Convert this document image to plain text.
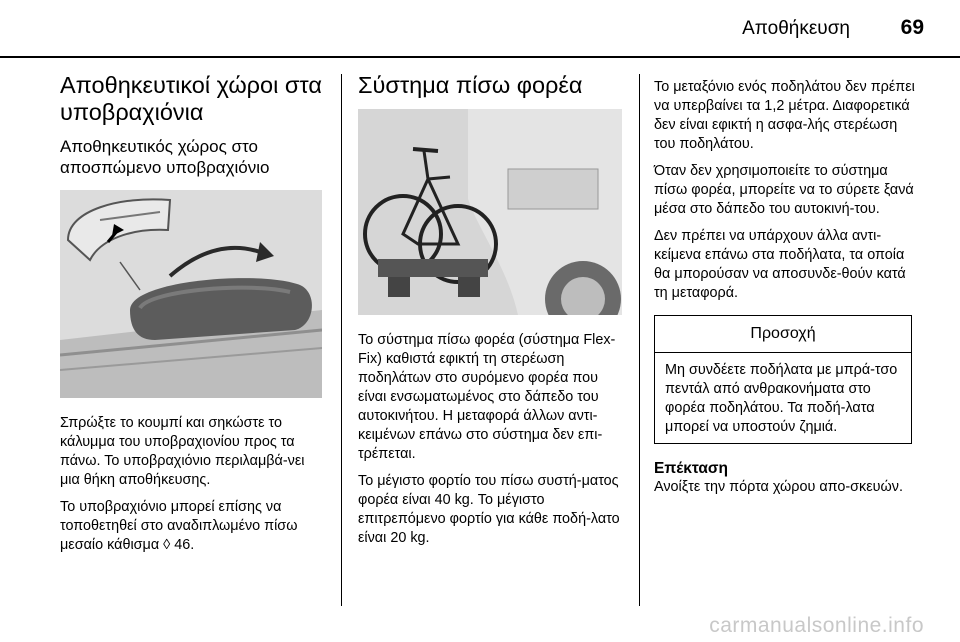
Αποθήκευση 69
Αποθηκευτικοί χώροι στα υποβραχιόνια
Αποθηκευτικός χώρος στο αποσπώμενο υποβραχιόνιο

Σπρώξτε το κουμπί και σηκώστε το κάλυμμα του υποβραχιονίου προς τα πάνω. Το υποβραχιόνιο περιλαμβά-νει μια θήκη αποθήκευσης.

Το υποβραχιόνιο μπορεί επίσης να τοποθετηθεί στο αναδιπλωμένο πίσω μεσαίο κάθισμα ◊ 46.

Σύστημα πίσω φορέα

Το σύστημα πίσω φορέα (σύστημα Flex-Fix) καθιστά εφικτή τη στερέωση ποδηλάτων στο συρόμενο φορέα που είναι ενσωματωμένος στο δάπεδο του αυτοκινήτου. Η μεταφορά άλλων αντι-κειμένων επάνω στο σύστημα δεν επι-τρέπεται.

Το μέγιστο φορτίο του πίσω συστή-ματος φορέα είναι 40 kg. Το μέγιστο επιτρεπόμενο φορτίο για κάθε ποδή-λατο είναι 20 kg.

Το μεταξόνιο ενός ποδηλάτου δεν πρέπει να υπερβαίνει τα 1,2 μέτρα. Διαφορετικά δεν είναι εφικτή η ασφα-λής στερέωση του ποδηλάτου.

Όταν δεν χρησιμοποιείτε το σύστημα πίσω φορέα, μπορείτε να το σύρετε ξανά μέσα στο δάπεδο του αυτοκινή-του.

Δεν πρέπει να υπάρχουν άλλα αντι-κείμενα επάνω στα ποδήλατα, τα οποία θα μπορούσαν να αποσυνδε-θούν κατά τη μεταφορά.

Προσοχή
Μη συνδέετε ποδήλατα με μπρά-τσο πεντάλ από ανθρακονήματα στο φορέα ποδηλάτου. Τα ποδή-λατα μπορεί να υποστούν ζημιά.
Επέκταση

Ανοίξτε την πόρτα χώρου απο-σκευών.

carmanualsonline.info
